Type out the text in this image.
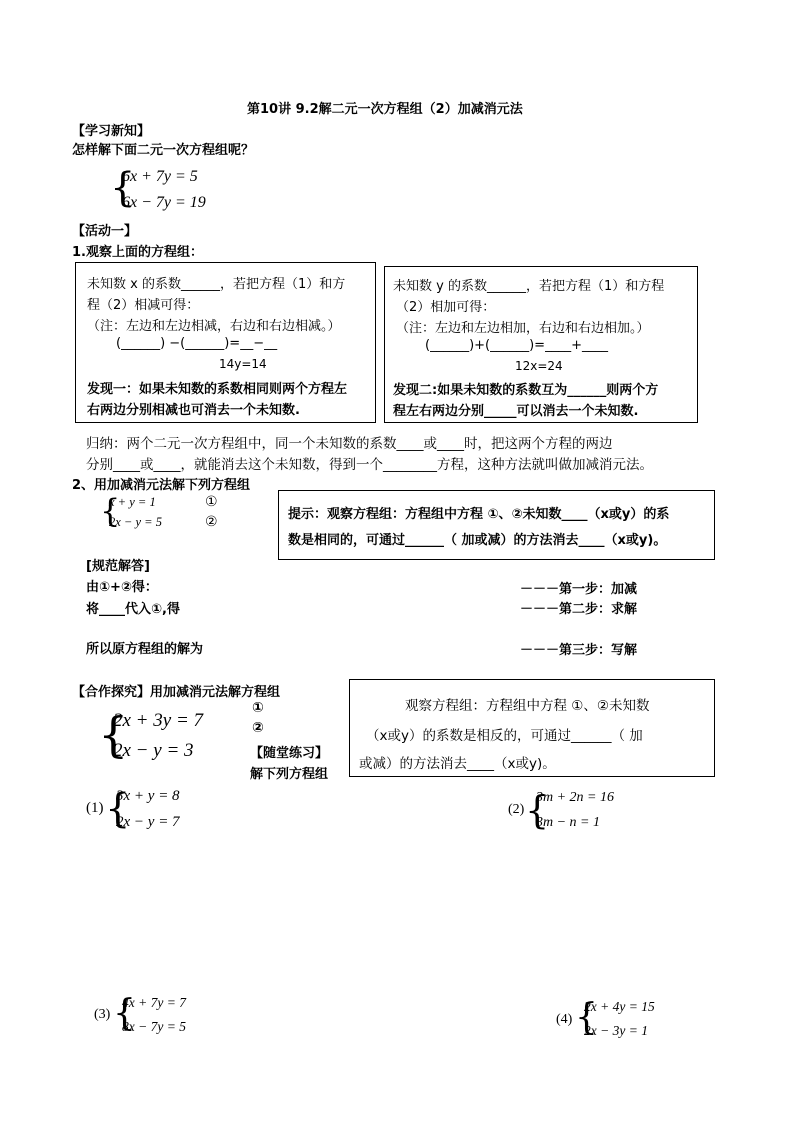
第10讲 9.2解二元一次方程组（2）加减消元法
【学习新知】
怎样解下面二元一次方程组呢？
{
6x + 7y = 5
6x − 7y = 19
【活动一】
1.观察上面的方程组：
未知数 x 的系数______，若把方程（1）和方
程（2）相减可得：
（注：左边和左边相减，右边和右边相减。）
(______) −(______)=__−__
14y=14
发现一：如果未知数的系数相同则两个方程左
右两边分别相减也可消去一个未知数.
未知数 y 的系数______，若把方程（1）和方程
（2）相加可得：
（注：左边和左边相加，右边和右边相加。）
(______)+(______)=____+____
12x=24
发现二:如果未知数的系数互为______则两个方
程左右两边分别_____可以消去一个未知数.
归纳：两个二元一次方程组中，同一个未知数的系数____或____时，把这两个方程的两边
分别____或____，就能消去这个未知数，得到一个________方程，这种方法就叫做加减消元法。
2、用加减消元法解下列方程组
{
x + y = 1
2x − y = 5
①
②	提示：观察方程组：方程组中方程 ①、②未知数____（x或y）的系
数是相同的，可通过______（ 加或减）的方法消去____（x或y)。
[规范解答]
由①+②得：
将____代入①,得
所以原方程组的解为
－－－第一步：加减
－－－第二步：求解
－－－第三步：写解
【合作探究】用加减消元法解方程组
{
2x + 3y = 7
2x − y = 3
①
②
【随堂练习】
解下列方程组
观察方程组：方程组中方程 ①、②未知数
（x或y）的系数是相反的，可通过______（ 加
或减）的方法消去____（x或y)。
(1) {
3x + y = 8
2x − y = 7
(2) {
3m + 2n = 16
3m − n = 1
(3) {
4x + 7y = 7
8x − 7y = 5	(4) {
2x + 4y = 15
2x − 3y = 1
